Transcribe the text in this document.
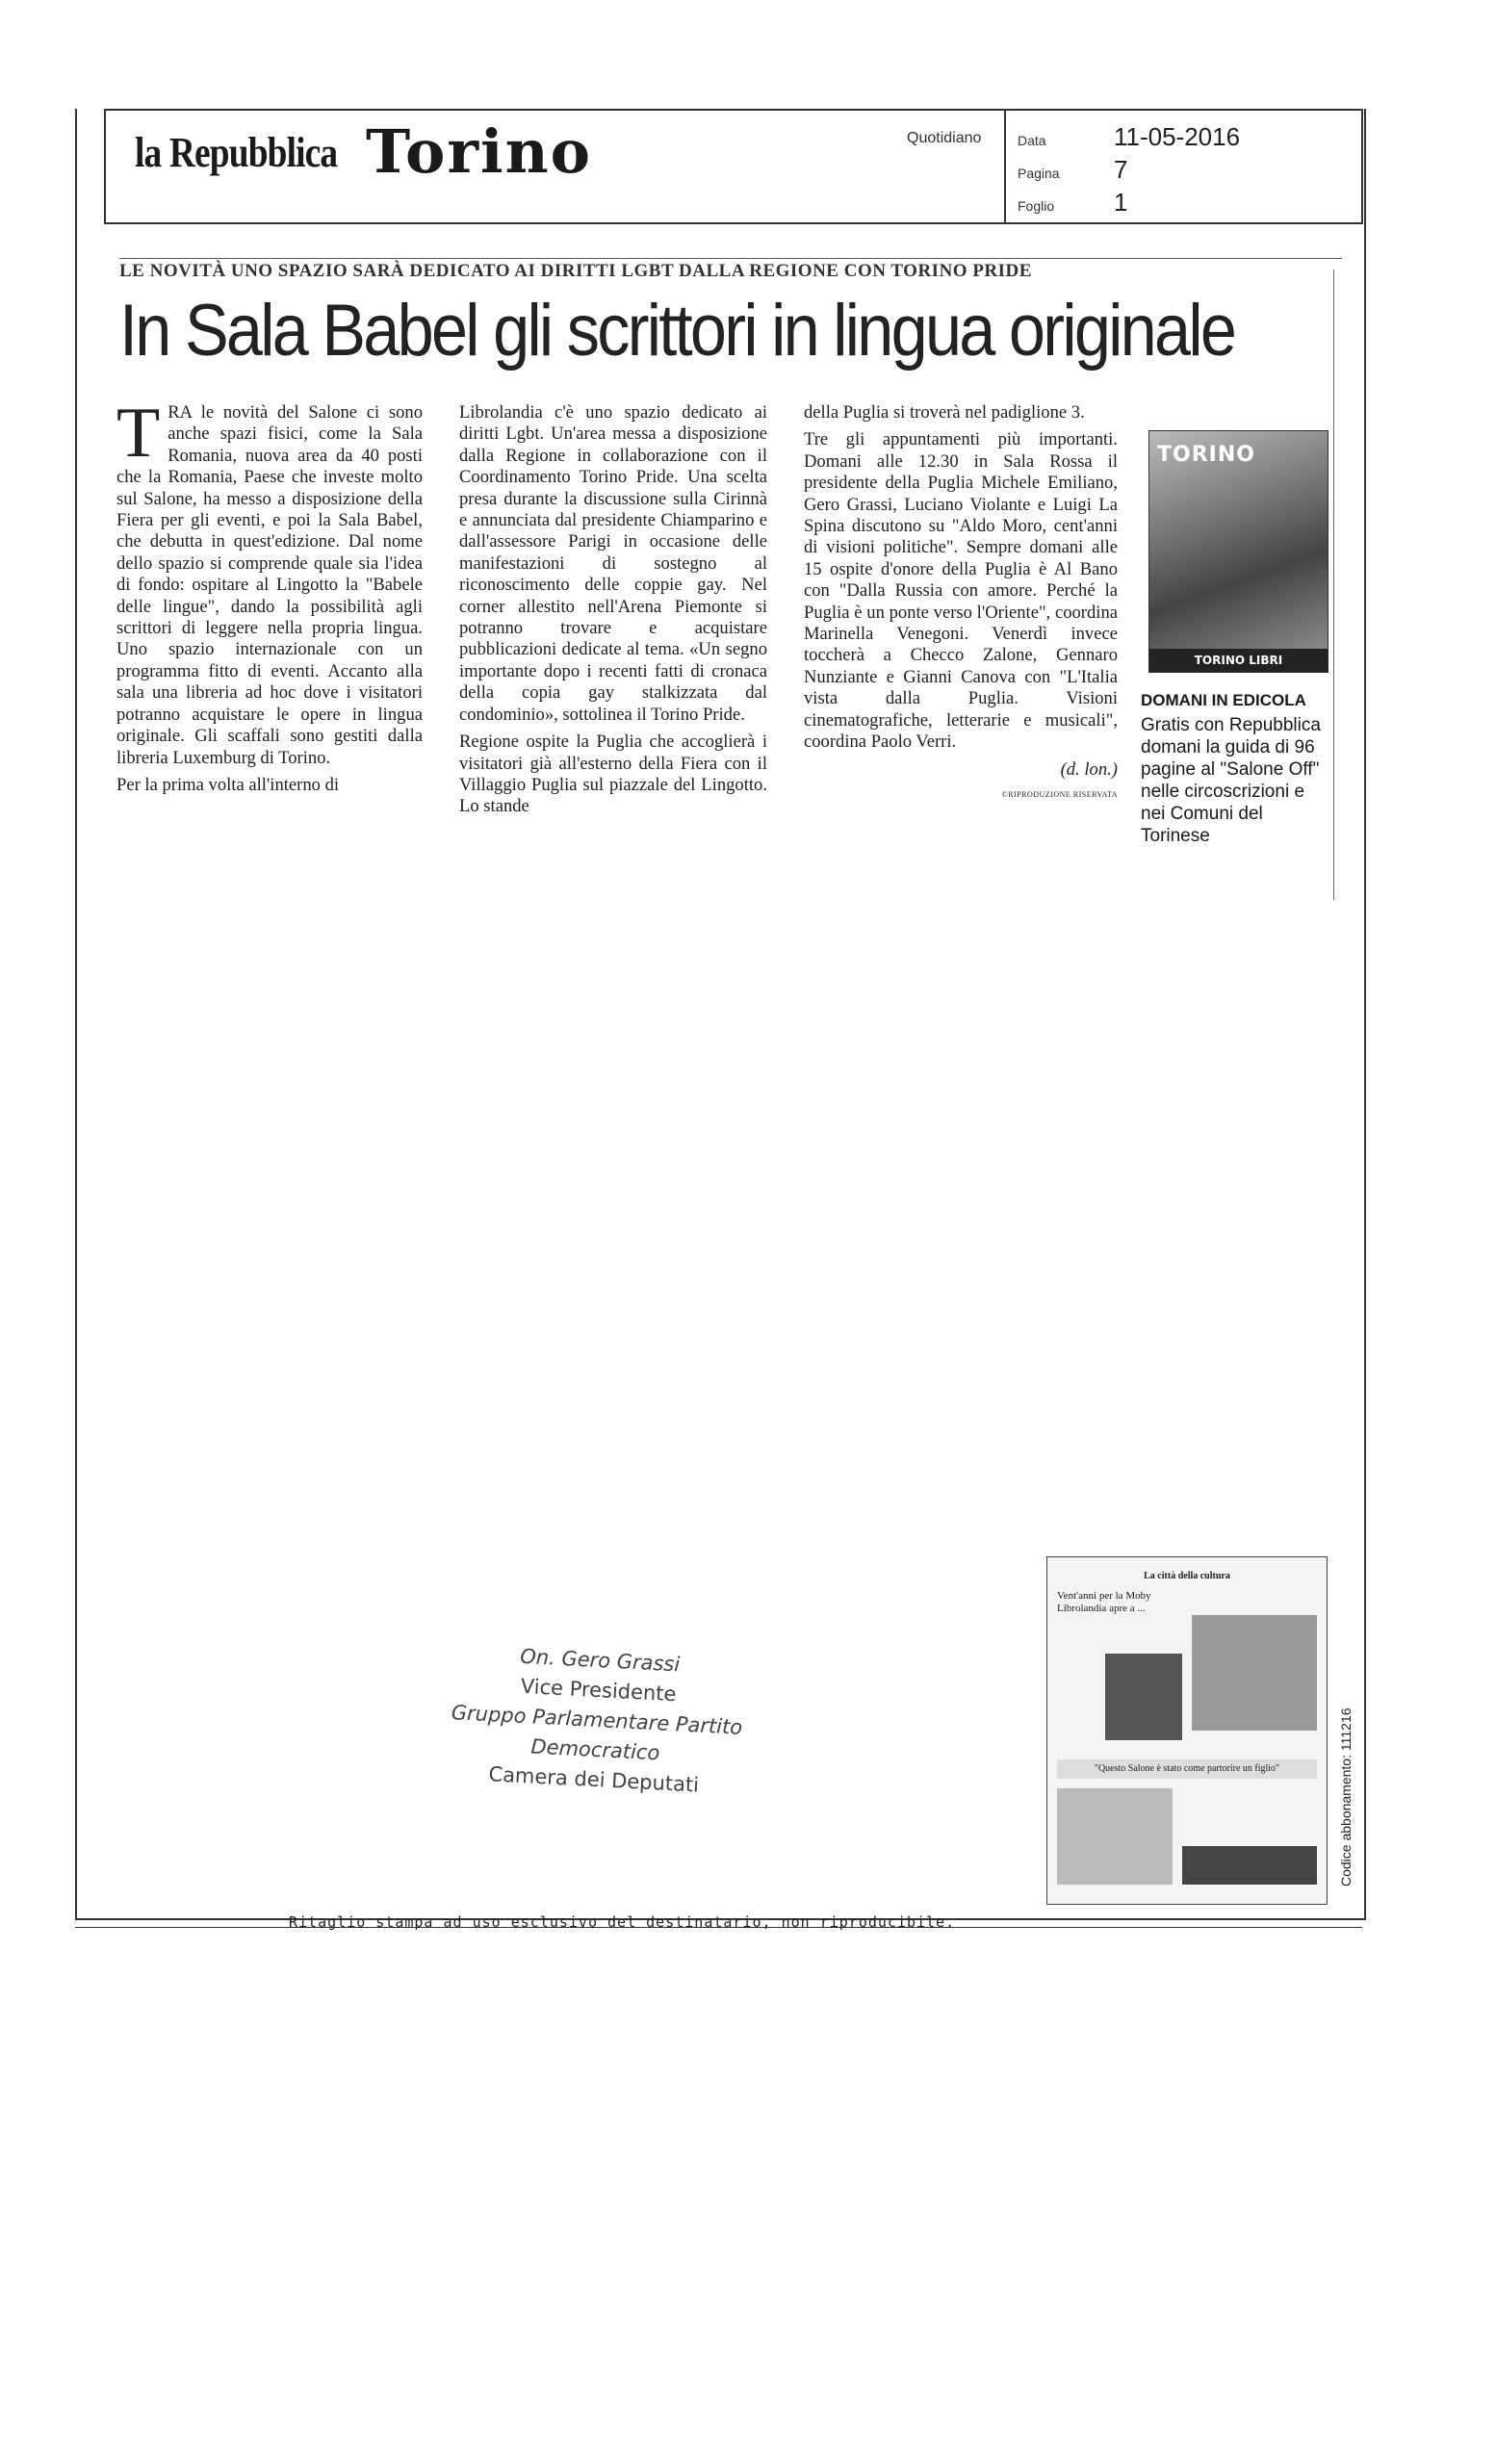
la Repubblica Torino	Quotidiano	Data	11-05-2016
Pagina 7
Foglio 1
LE NOVITÀ UNO SPAZIO SARÀ DEDICATO AI DIRITTI LGBT DALLA REGIONE CON TORINO PRIDE
In Sala Babel gli scrittori in lingua originale

TRA le novità del Salone ci sono anche spazi fisici, come la Sala Romania, nuova area da 40 posti che la Romania, Paese che investe molto sul Salone, ha messo a disposizione della Fiera per gli eventi, e poi la Sala Babel, che debutta in quest'edizione. Dal nome dello spazio si comprende quale sia l'idea di fondo: ospitare al Lingotto la "Babele delle lingue", dando la possibilità agli scrittori di leggere nella propria lingua. Uno spazio internazionale con un programma fitto di eventi. Accanto alla sala una libreria ad hoc dove i visitatori potranno acquistare le opere in lingua originale. Gli scaffali sono gestiti dalla libreria Luxemburg di Torino.

Per la prima volta all'interno di

Librolandia c'è uno spazio dedicato ai diritti Lgbt. Un'area messa a disposizione dalla Regione in collaborazione con il Coordinamento Torino Pride. Una scelta presa durante la discussione sulla Cirinnà e annunciata dal presidente Chiamparino e dall'assessore Parigi in occasione delle manifestazioni di sostegno al riconoscimento delle coppie gay. Nel corner allestito nell'Arena Piemonte si potranno trovare e acquistare pubblicazioni dedicate al tema. «Un segno importante dopo i recenti fatti di cronaca della copia gay stalkizzata dal condominio», sottolinea il Torino Pride.

Regione ospite la Puglia che accoglierà i visitatori già all'esterno della Fiera con il Villaggio Puglia sul piazzale del Lingotto. Lo stande

della Puglia si troverà nel padiglione 3.

Tre gli appuntamenti più importanti. Domani alle 12.30 in Sala Rossa il presidente della Puglia Michele Emiliano, Gero Grassi, Luciano Violante e Luigi La Spina discutono su "Aldo Moro, cent'anni di visioni politiche". Sempre domani alle 15 ospite d'onore della Puglia è Al Bano con "Dalla Russia con amore. Perché la Puglia è un ponte verso l'Oriente", coordina Marinella Venegoni. Venerdì invece toccherà a Checco Zalone, Gennaro Nunziante e Gianni Canova con "L'Italia vista dalla Puglia. Visioni cinematografiche, letterarie e musicali", coordina Paolo Verri.

(d. lon.)
©RIPRODUZIONE RISERVATA
TORINO
TORINO LIBRI
DOMANI IN EDICOLA
Gratis con Repubblica domani la guida di 96 pagine al "Salone Off" nelle circoscrizioni e nei Comuni del Torinese
On. Gero Grassi
Vice Presidente
Gruppo Parlamentare Partito Democratico
Camera dei Deputati
La città della cultura
Vent'anni per la Moby Librolandia apre a ...
"Questo Salone è stato come partorire un figlio"
Ritaglio stampa ad uso esclusivo del destinatario, non riproducibile.
Codice abbonamento: 111216
